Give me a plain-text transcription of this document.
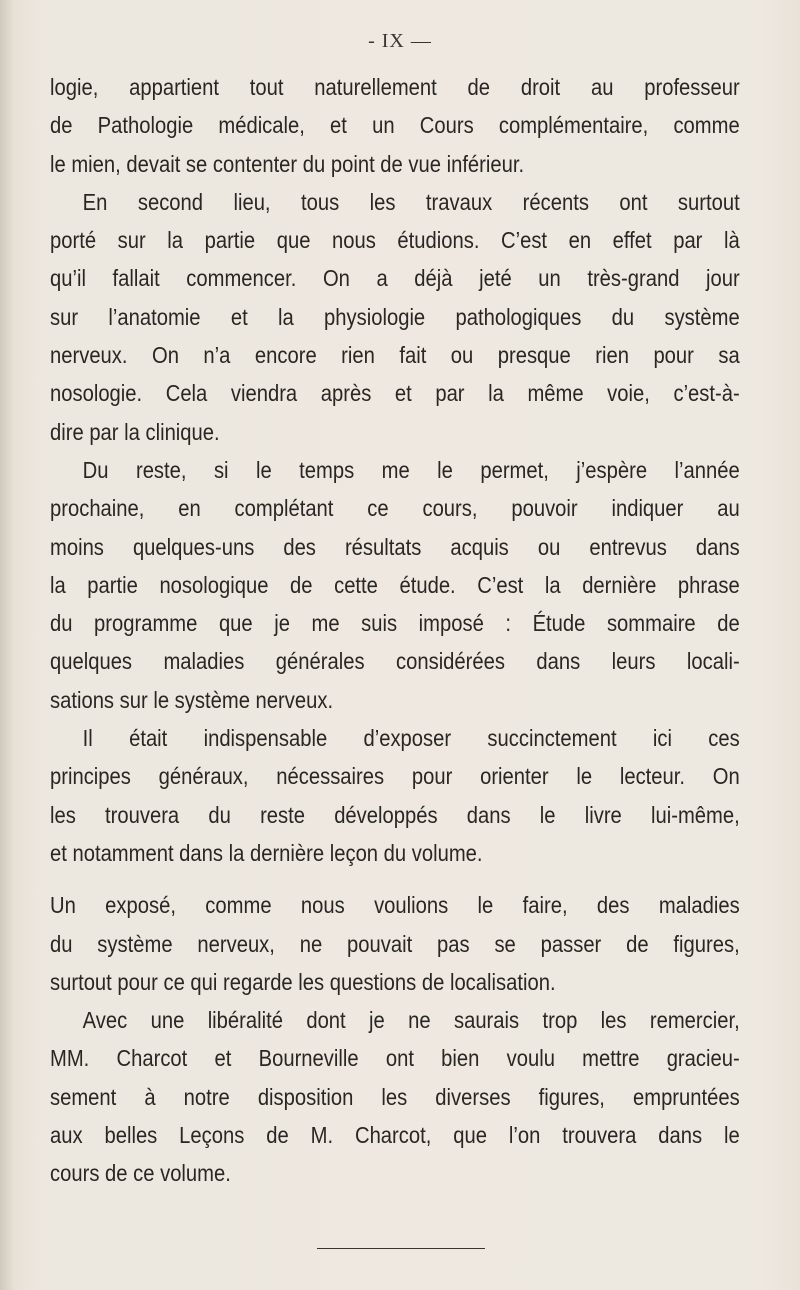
- IX —

logie, appartient tout naturellement de droit au professeur
de Pathologie médicale, et un Cours complémentaire, comme
le mien, devait se contenter du point de vue inférieur.

En second lieu, tous les travaux récents ont surtout
porté sur la partie que nous étudions. C’est en effet par là
qu’il fallait commencer. On a déjà jeté un très-grand jour
sur l’anatomie et la physiologie pathologiques du système
nerveux. On n’a encore rien fait ou presque rien pour sa
nosologie. Cela viendra après et par la même voie, c’est-à-
dire par la clinique.

Du reste, si le temps me le permet, j’espère l’année
prochaine, en complétant ce cours, pouvoir indiquer au
moins quelques-uns des résultats acquis ou entrevus dans
la partie nosologique de cette étude. C’est la dernière phrase
du programme que je me suis imposé : Étude sommaire de
quelques maladies générales considérées dans leurs locali-
sations sur le système nerveux.

Il était indispensable d’exposer succinctement ici ces
principes généraux, nécessaires pour orienter le lecteur. On
les trouvera du reste développés dans le livre lui-même,
et notamment dans la dernière leçon du volume.

Un exposé, comme nous voulions le faire, des maladies
du système nerveux, ne pouvait pas se passer de figures,
surtout pour ce qui regarde les questions de localisation.

Avec une libéralité dont je ne saurais trop les remercier,
MM. Charcot et Bourneville ont bien voulu mettre gracieu-
sement à notre disposition les diverses figures, empruntées
aux belles Leçons de M. Charcot, que l’on trouvera dans le
cours de ce volume.
